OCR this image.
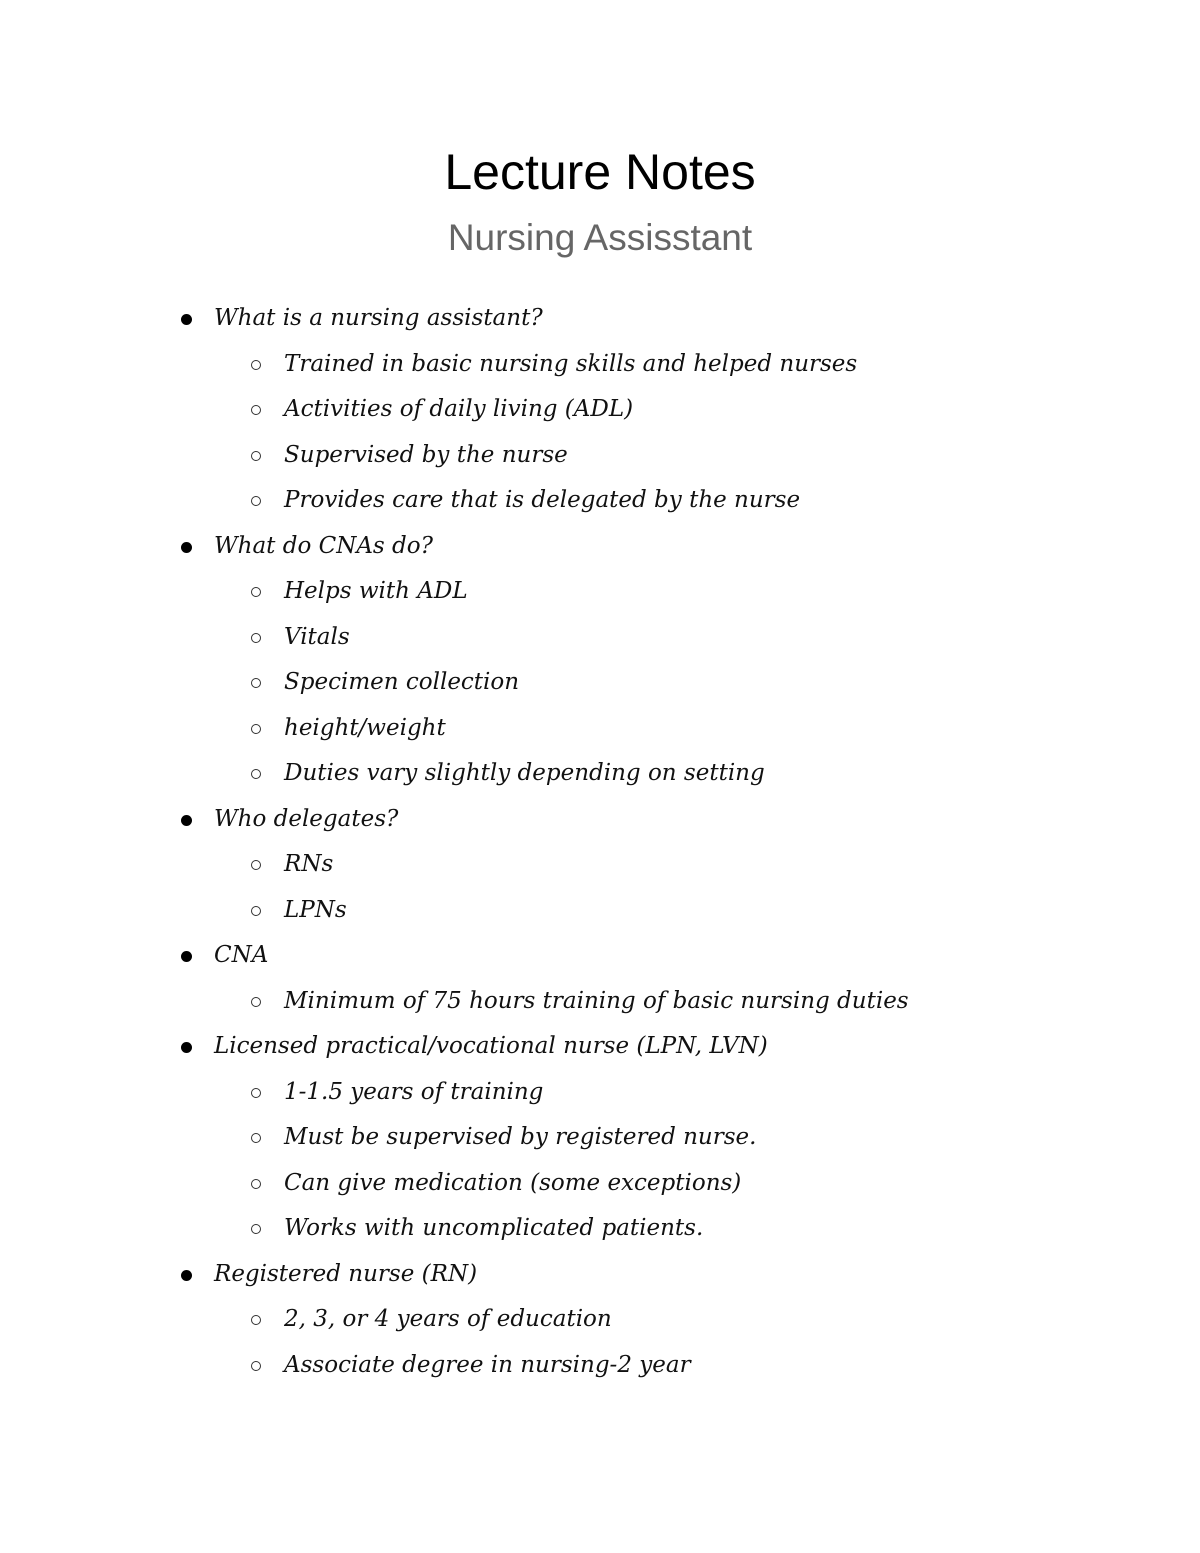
Lecture Notes
Nursing Assisstant
What is a nursing assistant?
Trained in basic nursing skills and helped nurses
Activities of daily living (ADL)
Supervised by the nurse
Provides care that is delegated by the nurse
What do CNAs do?
Helps with ADL
Vitals
Specimen collection
height/weight
Duties vary slightly depending on setting
Who delegates?
RNs
LPNs
CNA
Minimum of 75 hours training of basic nursing duties
Licensed practical/vocational nurse (LPN, LVN)
1-1.5 years of training
Must be supervised by registered nurse.
Can give medication (some exceptions)
Works with uncomplicated patients.
Registered nurse (RN)
2, 3, or 4 years of education
Associate degree in nursing-2 year
